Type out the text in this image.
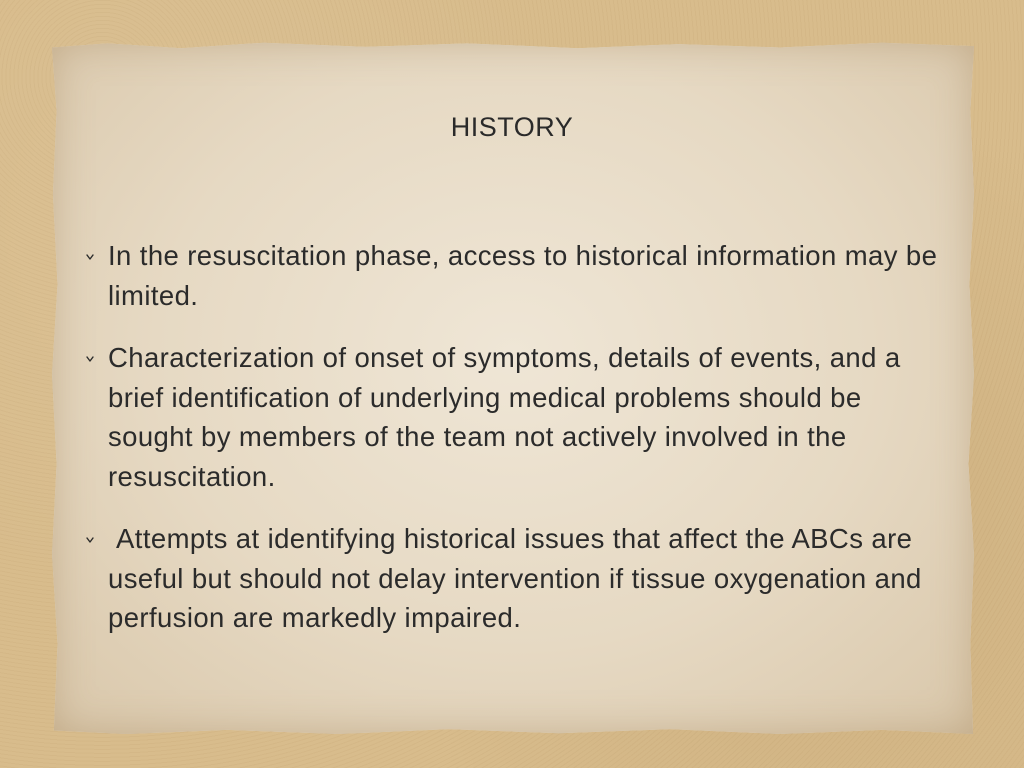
HISTORY
In the resuscitation phase, access to historical information may be limited.
Characterization of onset of symptoms, details of events, and a brief identification of underlying medical problems should be sought by members of the team not actively involved in the resuscitation.
Attempts at identifying historical issues that affect the ABCs are useful but should not delay intervention if tissue oxygenation and perfusion are markedly impaired.
